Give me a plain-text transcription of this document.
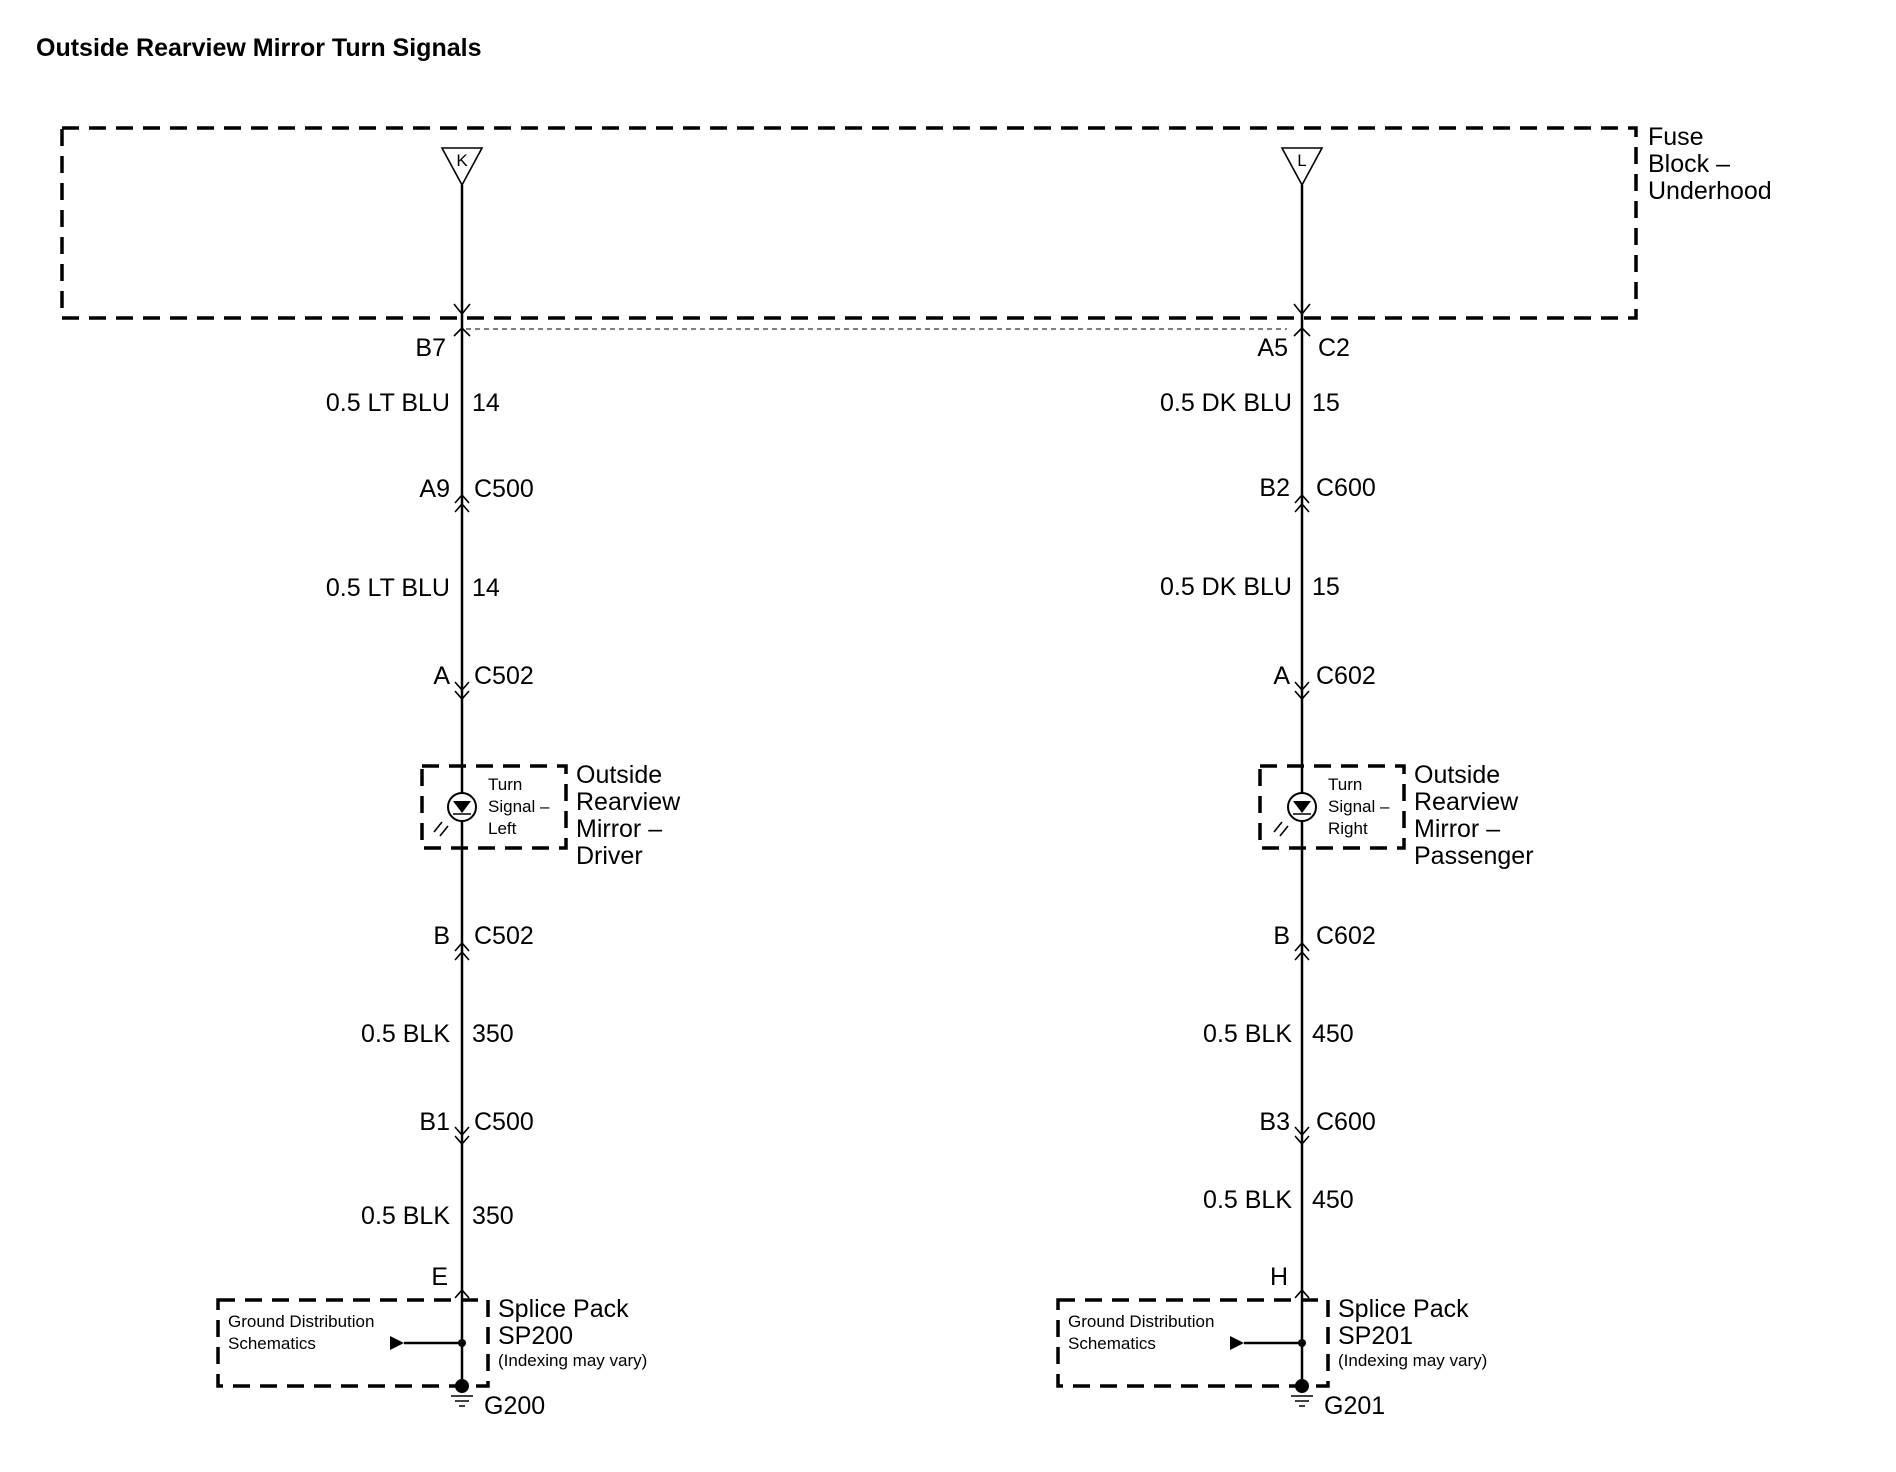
Outside Rearview Mirror Turn Signals
Fuse
Block –
Underhood
K
B7
0.5 LT BLU 14
A9 C500
0.5 LT BLU 14
A C502
Turn
Signal –
Left
Outside
Rearview
Mirror –
Driver
B C502
0.5 BLK 350
B1 C500
0.5 BLK 350
E
Ground Distribution
Schematics
Splice Pack
SP200
(Indexing may vary)
G200
L
A5 C2
0.5 DK BLU 15
B2 C600
0.5 DK BLU 15
A C602
Turn
Signal –
Right
Outside
Rearview
Mirror –
Passenger
B C602
0.5 BLK 450
B3 C600
0.5 BLK 450
H
Ground Distribution
Schematics
Splice Pack
SP201
(Indexing may vary)
G201
